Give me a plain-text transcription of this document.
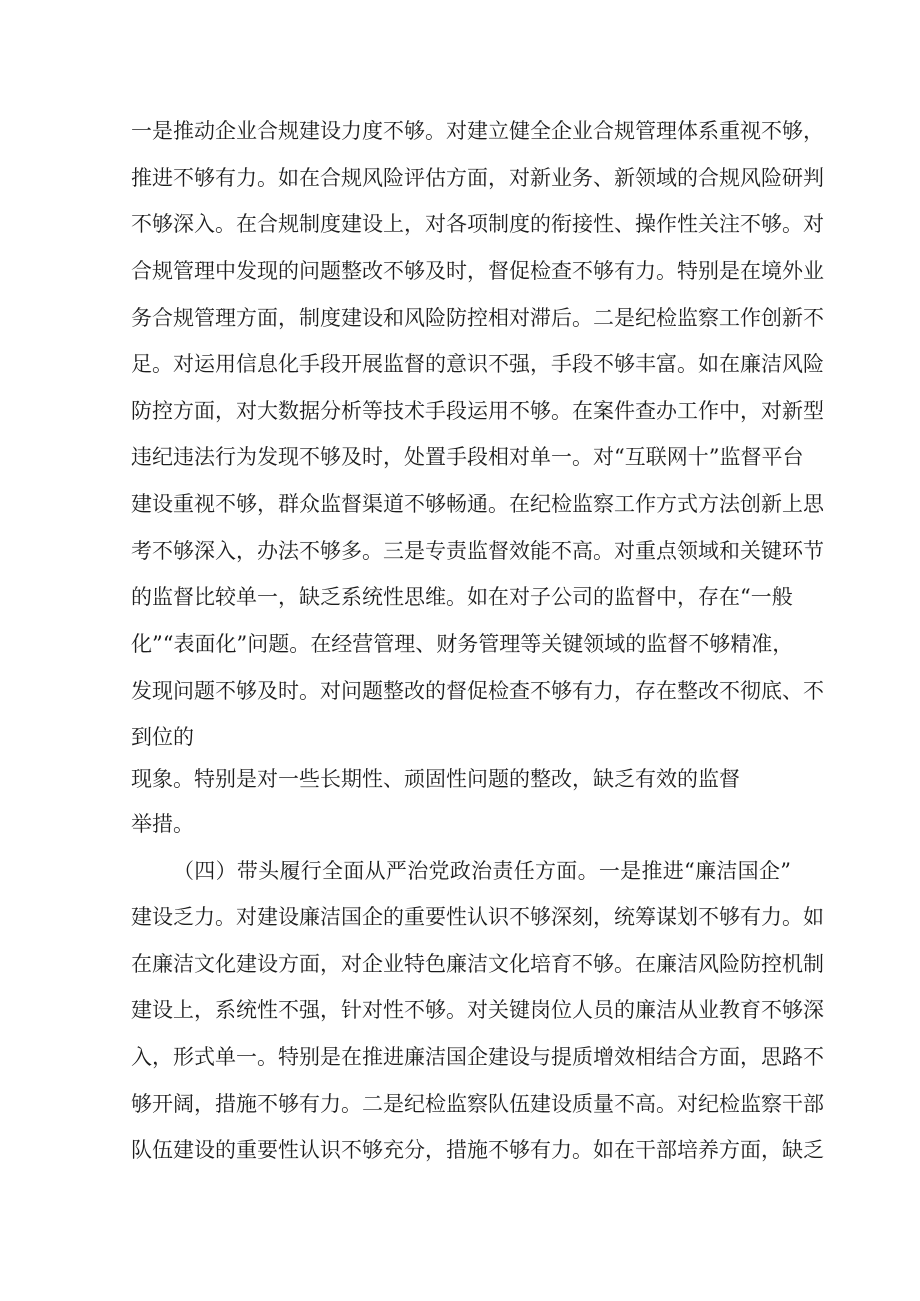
一是推动企业合规建设力度不够。对建立健全企业合规管理体系重视不够，
推进不够有力。如在合规风险评估方面，对新业务、新领域的合规风险研判
不够深入。在合规制度建设上，对各项制度的衔接性、操作性关注不够。对
合规管理中发现的问题整改不够及时，督促检查不够有力。特别是在境外业
务合规管理方面，制度建设和风险防控相对滞后。二是纪检监察工作创新不
足。对运用信息化手段开展监督的意识不强，手段不够丰富。如在廉洁风险
防控方面，对大数据分析等技术手段运用不够。在案件查办工作中，对新型
违纪违法行为发现不够及时，处置手段相对单一。对“互联网十”监督平台
建设重视不够，群众监督渠道不够畅通。在纪检监察工作方式方法创新上思
考不够深入，办法不够多。三是专责监督效能不高。对重点领域和关键环节
的监督比较单一，缺乏系统性思维。如在对子公司的监督中，存在“一般
化”“表面化”问题。在经营管理、财务管理等关键领域的监督不够精准，
发现问题不够及时。对问题整改的督促检查不够有力，存在整改不彻底、不
到位的
现象。特别是对一些长期性、顽固性问题的整改，缺乏有效的监督
举措。
（四）带头履行全面从严治党政治责任方面。一是推进“廉洁国企”
建设乏力。对建设廉洁国企的重要性认识不够深刻，统筹谋划不够有力。如
在廉洁文化建设方面，对企业特色廉洁文化培育不够。在廉洁风险防控机制
建设上，系统性不强，针对性不够。对关键岗位人员的廉洁从业教育不够深
入，形式单一。特别是在推进廉洁国企建设与提质增效相结合方面，思路不
够开阔，措施不够有力。二是纪检监察队伍建设质量不高。对纪检监察干部
队伍建设的重要性认识不够充分，措施不够有力。如在干部培养方面，缺乏
